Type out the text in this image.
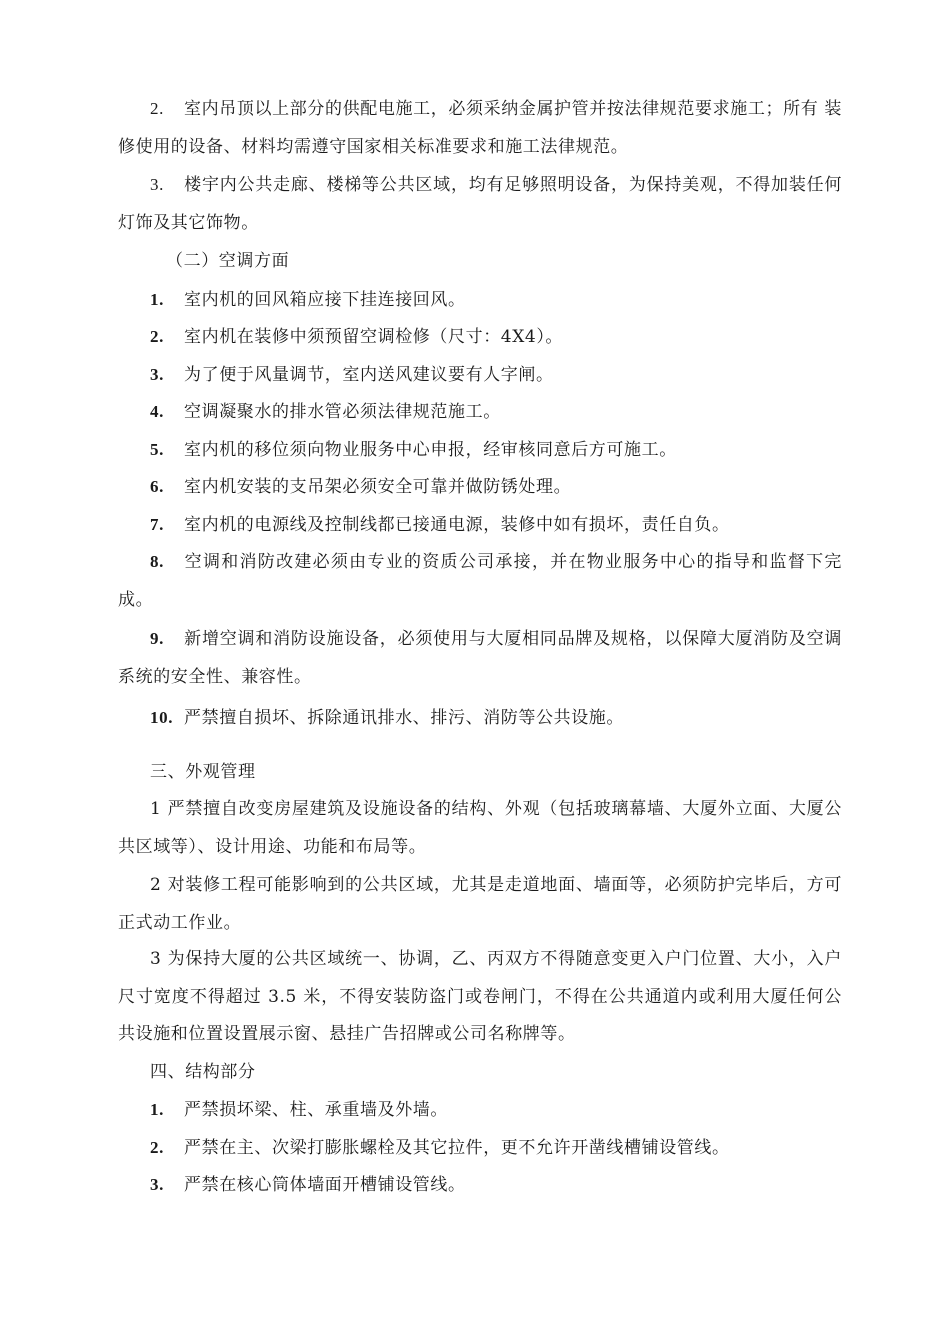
2. 室内吊顶以上部分的供配电施工，必须采纳金属护管并按法律规范要求施工；所有 装修使用的设备、材料均需遵守国家相关标准要求和施工法律规范。

3. 楼宇内公共走廊、楼梯等公共区域，均有足够照明设备，为保持美观，不得加装任何灯饰及其它饰物。

（二）空调方面

1. 室内机的回风箱应接下挂连接回风。

2. 室内机在装修中须预留空调检修（尺寸：4X4）。

3. 为了便于风量调节，室内送风建议要有人字闸。

4. 空调凝聚水的排水管必须法律规范施工。

5. 室内机的移位须向物业服务中心申报，经审核同意后方可施工。

6. 室内机安装的支吊架必须安全可靠并做防锈处理。

7. 室内机的电源线及控制线都已接通电源，装修中如有损坏，责任自负。

8. 空调和消防改建必须由专业的资质公司承接，并在物业服务中心的指导和监督下完成。

9. 新增空调和消防设施设备，必须使用与大厦相同品牌及规格，以保障大厦消防及空调系统的安全性、兼容性。

10. 严禁擅自损坏、拆除通讯排水、排污、消防等公共设施。

三、外观管理

1 严禁擅自改变房屋建筑及设施设备的结构、外观（包括玻璃幕墙、大厦外立面、大厦公共区域等）、设计用途、功能和布局等。

2 对装修工程可能影响到的公共区域，尤其是走道地面、墙面等，必须防护完毕后，方可正式动工作业。

3 为保持大厦的公共区域统一、协调，乙、丙双方不得随意变更入户门位置、大小，入户尺寸宽度不得超过 3.5 米，不得安装防盗门或卷闸门，不得在公共通道内或利用大厦任何公共设施和位置设置展示窗、悬挂广告招牌或公司名称牌等。

四、结构部分

1. 严禁损坏梁、柱、承重墙及外墙。

2. 严禁在主、次梁打膨胀螺栓及其它拉件，更不允许开凿线槽铺设管线。

3. 严禁在核心筒体墙面开槽铺设管线。
